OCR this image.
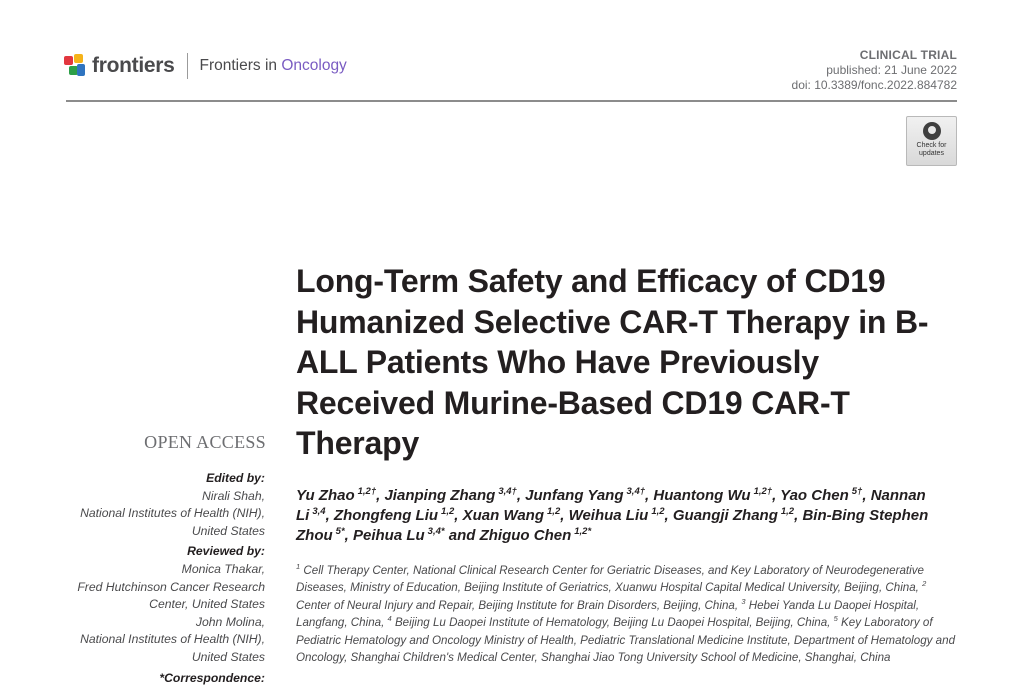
frontiers Frontiers in Oncology
CLINICAL TRIAL
published: 21 June 2022
doi: 10.3389/fonc.2022.884782
Check for
updates
Long-Term Safety and Efficacy of CD19 Humanized Selective CAR-T Therapy in B-ALL Patients Who Have Previously Received Murine-Based CD19 CAR-T Therapy
OPEN ACCESS
Edited by:
Nirali Shah,
National Institutes of Health (NIH),
United States
Reviewed by:
Monica Thakar,
Fred Hutchinson Cancer Research
Center, United States
John Molina,
National Institutes of Health (NIH),
United States
*Correspondence:

Yu Zhao $^{1,2\dagger}$, Jianping Zhang $^{3,4\dagger}$, Junfang Yang $^{3,4\dagger}$, Huantong Wu $^{1,2\dagger}$, Yao Chen $^{5\dagger}$, Nannan Li $^{3,4}$, Zhongfeng Liu $^{1,2}$, Xuan Wang $^{1,2}$, Weihua Liu $^{1,2}$, Guangji Zhang $^{1,2}$, Bin-Bing Stephen Zhou $^{5*}$, Peihua Lu $^{3,4*}$ and Zhiguo Chen $^{1,2*}$

$^1$ Cell Therapy Center, National Clinical Research Center for Geriatric Diseases, and Key Laboratory of Neurodegenerative Diseases, Ministry of Education, Beijing Institute of Geriatrics, Xuanwu Hospital Capital Medical University, Beijing, China, $^2$ Center of Neural Injury and Repair, Beijing Institute for Brain Disorders, Beijing, China, $^3$ Hebei Yanda Lu Daopei Hospital, Langfang, China, $^4$ Beijing Lu Daopei Institute of Hematology, Beijing Lu Daopei Hospital, Beijing, China, $^5$ Key Laboratory of Pediatric Hematology and Oncology Ministry of Health, Pediatric Translational Medicine Institute, Department of Hematology and Oncology, Shanghai Children's Medical Center, Shanghai Jiao Tong University School of Medicine, Shanghai, China
